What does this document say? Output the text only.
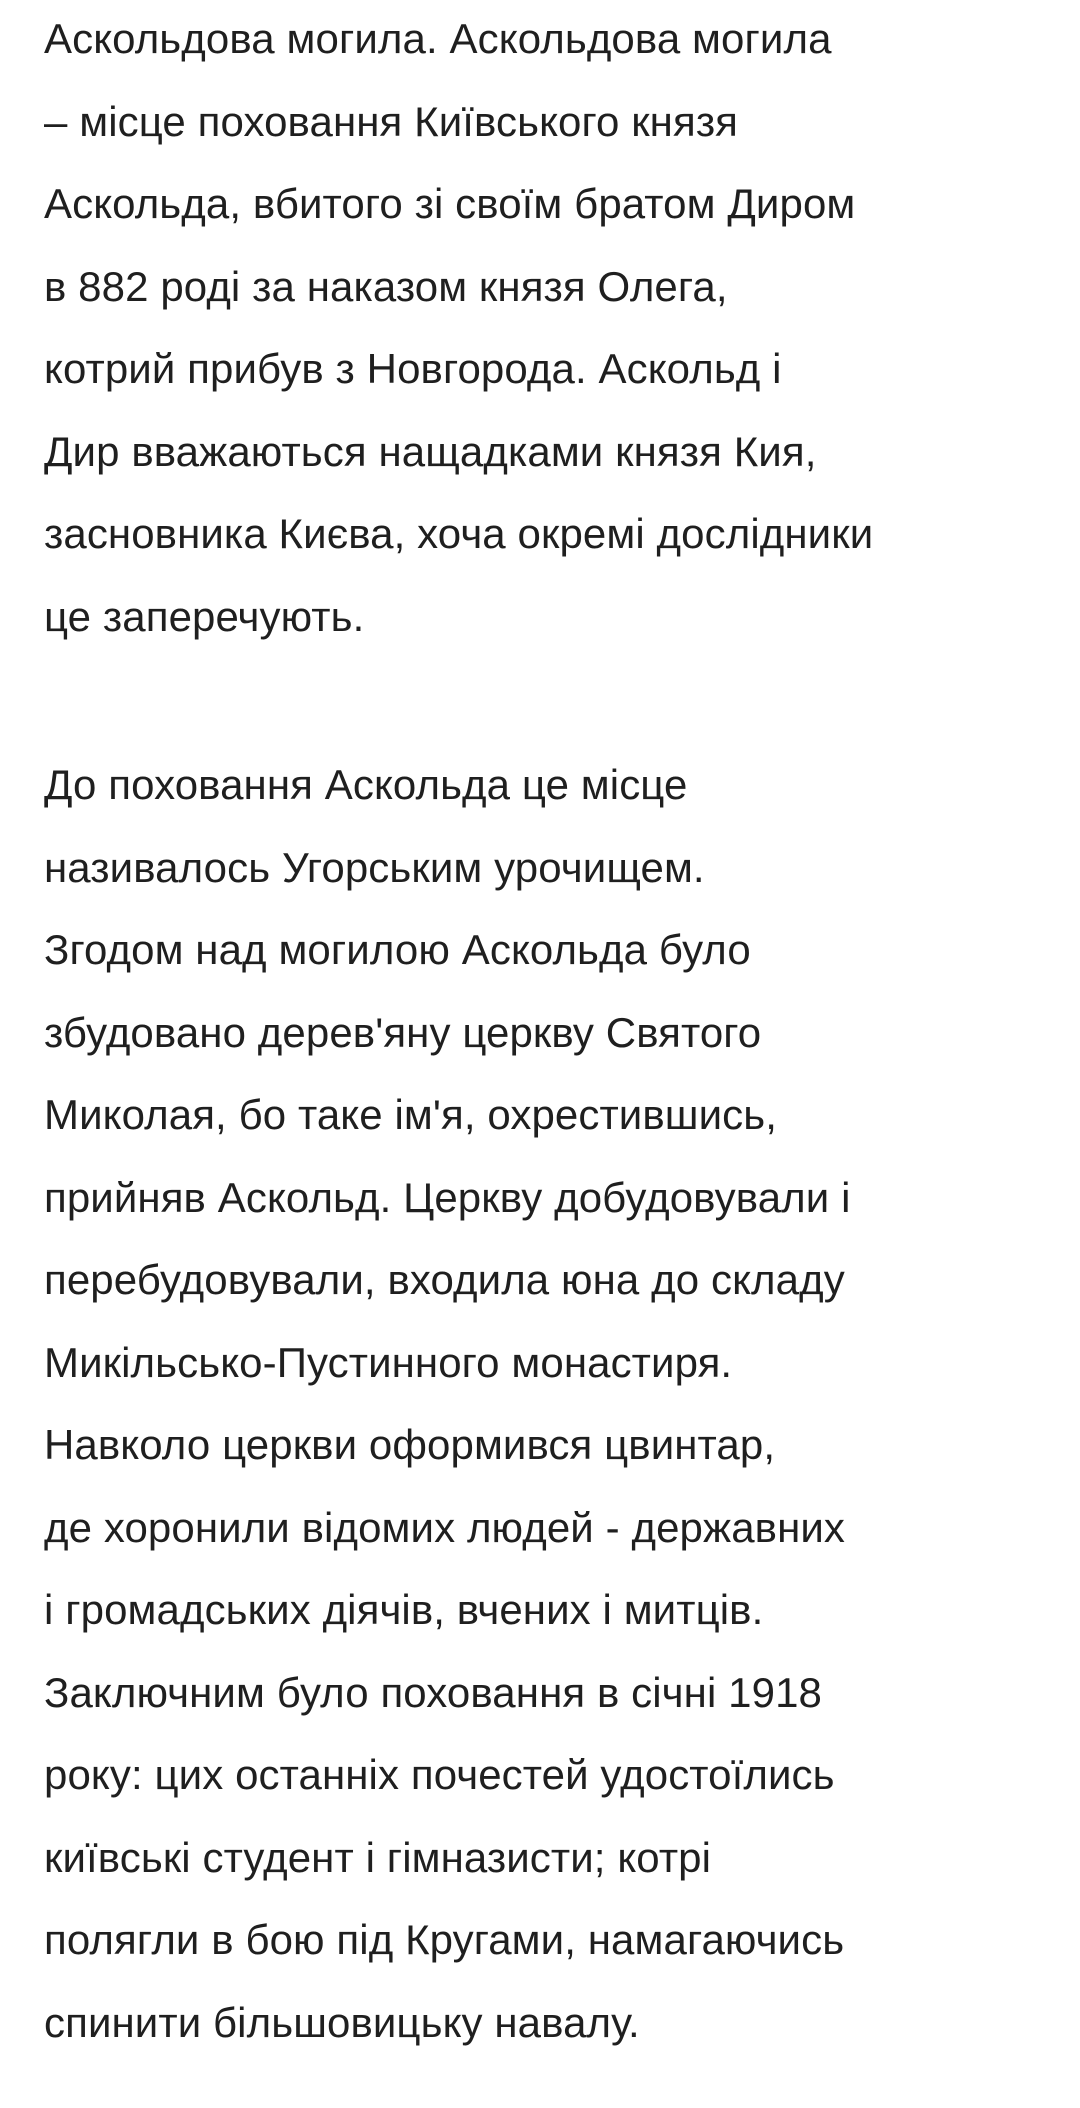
Аскольдова могила. Аскольдова могила
– місце поховання Київського князя
Аскольда, вбитого зі своїм братом Диром
в 882 роді за наказом князя Олега,
котрий прибув з Новгорода. Аскольд і
Дир вважаються нащадками князя Кия,
засновника Києва, хоча окремі дослідники
це заперечують.

До поховання Аскольда це місце
називалось Угорським урочищем.
Згодом над могилою Аскольда було
збудовано дерев'яну церкву Святого
Миколая, бо таке ім'я, охрестившись,
прийняв Аскольд. Церкву добудовували і
перебудовували, входила юна до складу
Микільсько-Пустинного монастиря.
Навколо церкви оформився цвинтар,
де хоронили відомих людей - державних
і громадських діячів, вчених і митців.
Заключним було поховання в січні 1918
року: цих останніх почестей удостоїлись
київські студент і гімназисти; котрі
полягли в бою під Кругами, намагаючись
спинити більшовицьку навалу.
